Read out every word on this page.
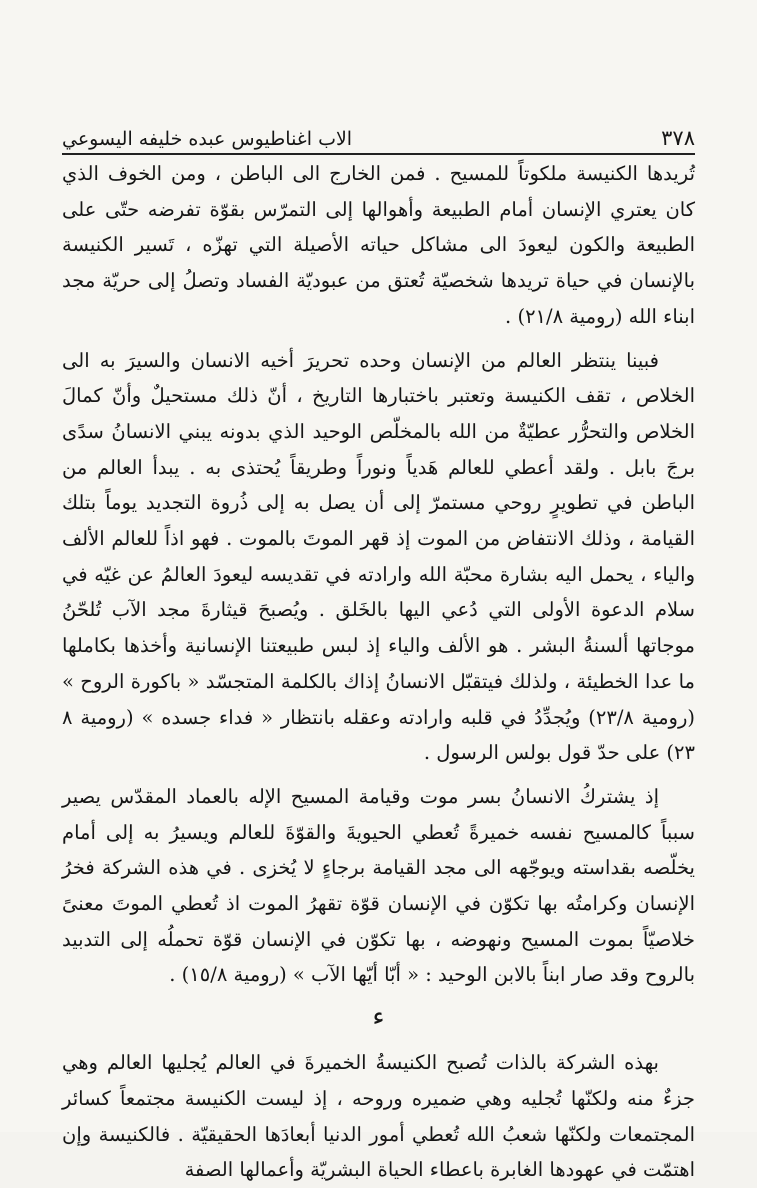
٣٧٨
الاب اغناطيوس عبده خليفه اليسوعي

تُريدها الكنيسة ملكوتاً للمسيح . فمن الخارج الى الباطن ، ومن الخوف الذي كان يعتري الإنسان أمام الطبيعة وأهوالها إلى التمرّس بقوّة تفرضه حتّى على الطبيعة والكون ليعودَ الى مشاكل حياته الأصيلة التي تهزّه ، تَسير الكنيسة بالإنسان في حياة تريدها شخصيّة تُعتق من عبوديّة الفساد وتصلُ إلى حريّة مجد ابناء الله (رومية ٢١/٨) .

فبينا ينتظر العالم من الإنسان وحده تحريرَ أخيه الانسان والسيرَ به الى الخلاص ، تقف الكنيسة وتعتبر باختبارها التاريخ ، أنّ ذلك مستحيلٌ وأنّ كمالَ الخلاص والتحرُّر عطيّةٌ من الله بالمخلّص الوحيد الذي بدونه يبني الانسانُ سدًى برجَ بابل . ولقد أعطي للعالم هَدياً ونوراً وطريقاً يُحتذى به . يبدأ العالم من الباطن في تطويرٍ روحي مستمرّ إلى أن يصل به إلى ذُروة التجديد يوماً بتلك القيامة ، وذلك الانتفاض من الموت إذ قهر الموتَ بالموت . فهو اذاً للعالم الألف والياء ، يحمل اليه بشارة محبّة الله وارادته في تقديسه ليعودَ العالمُ عن غيّه في سلام الدعوة الأولى التي دُعي اليها بالخَلق . ويُصبحَ قيثارةَ مجد الآب تُلحّنُ موجاتها ألسنةُ البشر . هو الألف والياء إذ لبس طبيعتنا الإنسانية وأخذها بكاملها ما عدا الخطيئة ، ولذلك فيتقبّل الانسانُ إذاك بالكلمة المتجسّد « باكورة الروح » (رومية ٢٣/٨) ويُجدِّدُ في قلبه وارادته وعقله بانتظار « فداء جسده » (رومية ٨ ٢٣) على حدّ قول بولس الرسول .

إذ يشتركُ الانسانُ بسر موت وقيامة المسيح الإله بالعماد المقدّس يصير سبباً كالمسيح نفسه خميرةً تُعطي الحيويةَ والقوّةَ للعالم ويسيرُ به إلى أمام يخلّصه بقداسته ويوجّهه الى مجد القيامة برجاءٍ لا يُخزى . في هذه الشركة فخرُ الإنسان وكرامتُه بها تكوّن في الإنسان قوّة تقهرُ الموت اذ تُعطي الموتَ معنىً خلاصيّاً بموت المسيح ونهوضه ، بها تكوّن في الإنسان قوّة تحملُه إلى التدبيد بالروح وقد صار ابناً بالابن الوحيد : « أبّا أيّها الآب » (رومية ١٥/٨) .

ء

بهذه الشركة بالذات تُصبح الكنيسةُ الخميرةَ في العالم يُجليها العالم وهي جزءٌ منه ولكنّها تُجليه وهي ضميره وروحه ، إذ ليست الكنيسة مجتمعاً كسائر المجتمعات ولكنّها شعبُ الله تُعطي أمور الدنيا أبعادَها الحقيقيّة . فالكنيسة وإن اهتمّت في عهودها الغابرة باعطاء الحياة البشريّة وأعمالها الصفة
